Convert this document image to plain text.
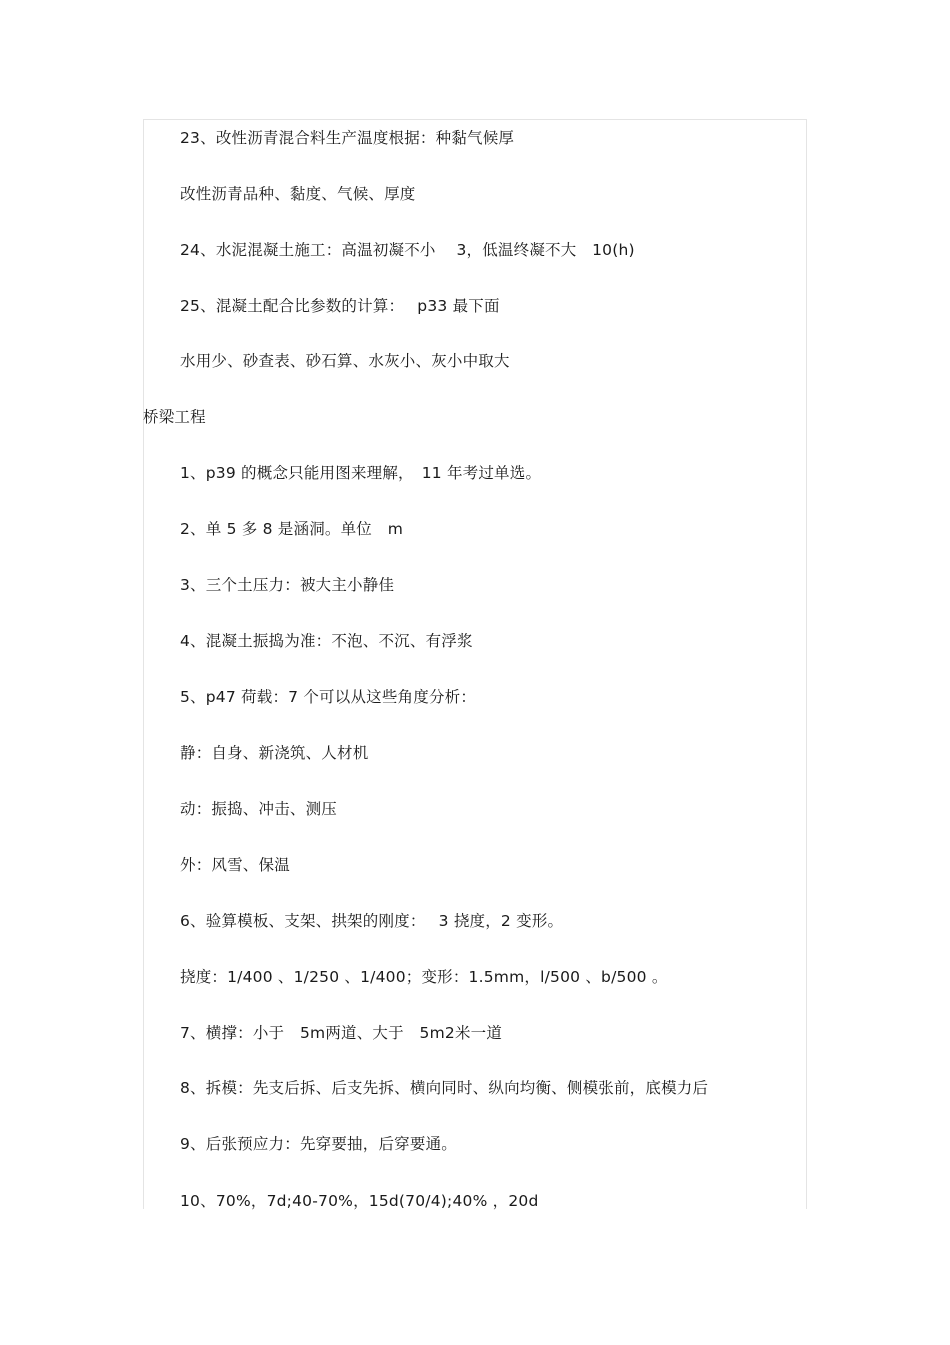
23、改性沥青混合料生产温度根据：种黏气候厚
改性沥青品种、黏度、气候、厚度
24、水泥混凝土施工：高温初凝不小　 3，低温终凝不大　10(h)
25、混凝土配合比参数的计算：　 p33 最下面
水用少、砂查表、砂石算、水灰小、灰小中取大
桥梁工程
1、p39 的概念只能用图来理解，　11 年考过单选。
2、单 5 多 8 是涵洞。单位　m
3、三个土压力：被大主小静佳
4、混凝土振捣为准：不泡、不沉、有浮浆
5、p47 荷载：7 个可以从这些角度分析：
静：自身、新浇筑、人材机
动：振捣、冲击、测压
外：风雪、保温
6、验算模板、支架、拱架的刚度：　 3 挠度，2 变形。
挠度：1/400 、1/250 、1/400；变形：1.5mm，l/500 、b/500 。
7、横撑：小于　5m两道、大于　5m2米一道
8、拆模：先支后拆、后支先拆、横向同时、纵向均衡、侧模张前，底模力后
9、后张预应力：先穿要抽，后穿要通。
10、70%，7d;40-70%，15d(70/4);40% ，20d
